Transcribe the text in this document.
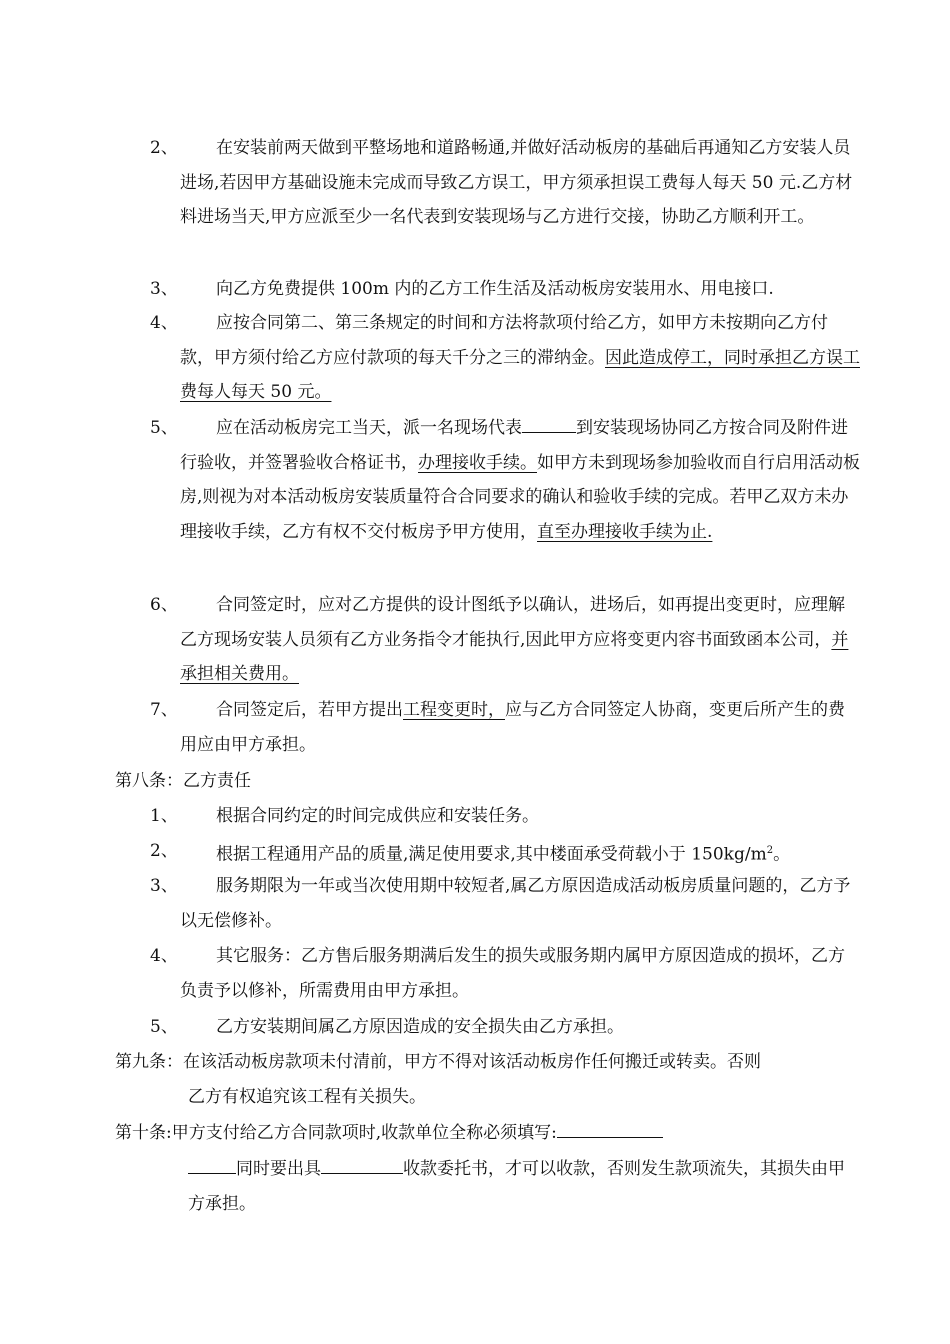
2、	在安装前两天做到平整场地和道路畅通,并做好活动板房的基础后再通知乙方安装人员进场,若因甲方基础设施未完成而导致乙方误工，甲方须承担误工费每人每天 50 元.乙方材料进场当天,甲方应派至少一名代表到安装现场与乙方进行交接，协助乙方顺利开工。
3、	向乙方免费提供 100m 内的乙方工作生活及活动板房安装用水、用电接口.
4、	应按合同第二、第三条规定的时间和方法将款项付给乙方，如甲方未按期向乙方付款，甲方须付给乙方应付款项的每天千分之三的滞纳金。因此造成停工，同时承担乙方误工费每人每天 50 元。
5、	应在活动板房完工当天，派一名现场代表	到安装现场协同乙方按合同及附件进行验收，并签署验收合格证书，办理接收手续。如甲方未到现场参加验收而自行启用活动板房,则视为对本活动板房安装质量符合合同要求的确认和验收手续的完成。若甲乙双方未办理接收手续，乙方有权不交付板房予甲方使用，直至办理接收手续为止.
6、	合同签定时，应对乙方提供的设计图纸予以确认，进场后，如再提出变更时，应理解乙方现场安装人员须有乙方业务指令才能执行,因此甲方应将变更内容书面致函本公司，并承担相关费用。
7、	合同签定后，若甲方提出工程变更时，应与乙方合同签定人协商，变更后所产生的费用应由甲方承担。
第八条：乙方责任
1、	根据合同约定的时间完成供应和安装任务。
2、	根据工程通用产品的质量,满足使用要求,其中楼面承受荷载小于 $150kg/m^2$。
3、	服务期限为一年或当次使用期中较短者,属乙方原因造成活动板房质量问题的，乙方予以无偿修补。
4、	其它服务：乙方售后服务期满后发生的损失或服务期内属甲方原因造成的损坏，乙方负责予以修补，所需费用由甲方承担。
5、	乙方安装期间属乙方原因造成的安全损失由乙方承担。
第九条：在该活动板房款项未付清前，甲方不得对该活动板房作任何搬迁或转卖。否则
乙方有权追究该工程有关损失。
第十条:甲方支付给乙方合同款项时,收款单位全称必须填写:
同时要出具	收款委托书，才可以收款，否则发生款项流失，其损失由甲方承担。
